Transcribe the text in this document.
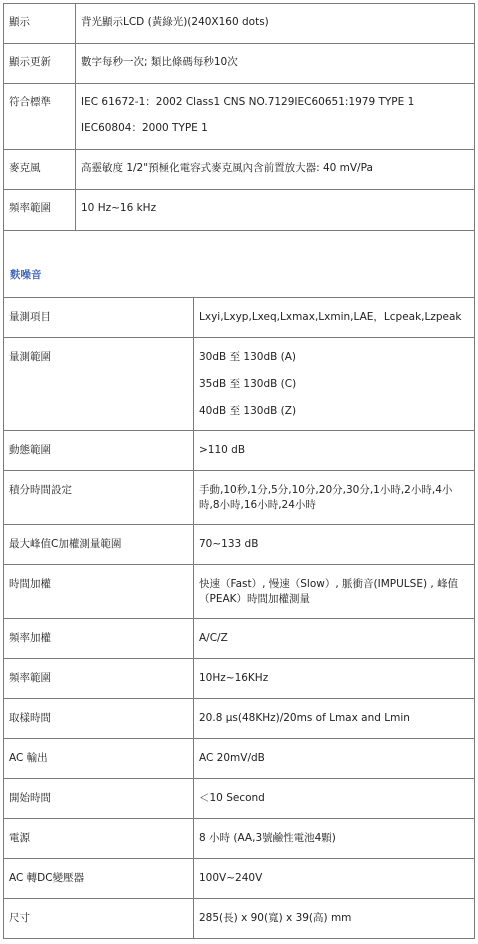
顯示	背光顯示LCD (黃綠光)(240X160 dots)

顯示更新	數字每秒一次; 類比條碼每秒10次

符合標準	IEC 61672-1：2002 Class1 CNS NO.7129IEC60651:1979 TYPE 1
IEC60804：2000 TYPE 1

麥克風	高靈敏度 1/2"預極化電容式麥克風內含前置放大器: 40 mV/Pa

頻率範圍	10 Hz~16 kHz
麩噪音
量測項目	Lxyi,Lxyp,Lxeq,Lxmax,Lxmin,LAE，Lcpeak,Lzpeak

量測範圍	30dB 至 130dB (A)
35dB 至 130dB (C)
40dB 至 130dB (Z)

動態範圍	>110 dB

積分時間設定	手動,10秒,1分,5分,10分,20分,30分,1小時,2小時,4小時,8小時,16小時,24小時

最大峰值C加權測量範圍	70~133 dB

時間加權	快速（Fast）, 慢速（Slow）, 脈衝音(IMPULSE) , 峰值（PEAK）時間加權測量

頻率加權	A/C/Z

頻率範圍	10Hz~16KHz

取樣時間	20.8 μs(48KHz)/20ms of Lmax and Lmin

AC 輸出	AC 20mV/dB

開始時間	＜10 Second

電源	8 小時 (AA,3號鹼性電池4顆)

AC 轉DC變壓器	100V~240V

尺寸	285(長) x 90(寬) x 39(高) mm
